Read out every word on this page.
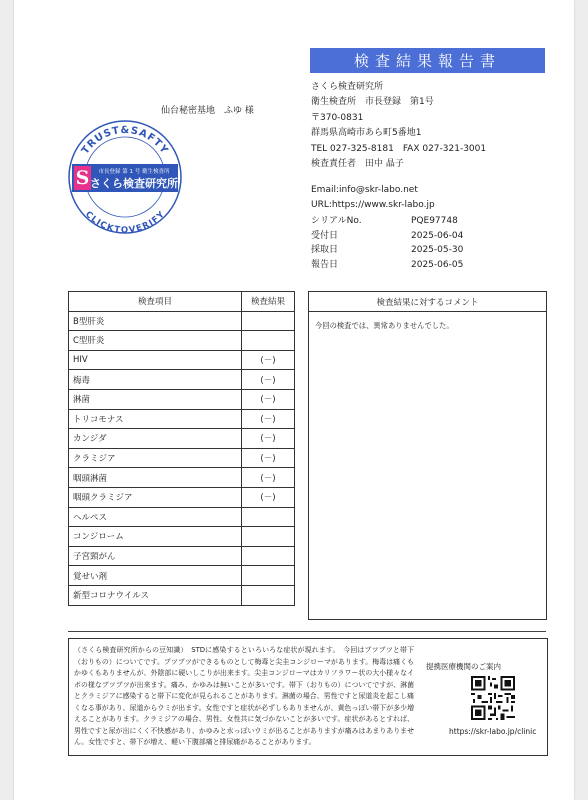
検査結果報告書
さくら検査研究所
衛生検査所　市長登録　第1号
〒370-0831
群馬県高崎市あら町5番地1
TEL 027-325-8181　FAX 027-321-3001
検査責任者　田中 晶子
仙台秘密基地　ふゆ 様
TRUST&SAFTY
CLICKTOVERIFY
S 市長登録 第 1 号 衛生検査所
さくら検査研究所	Email:info@skr-labo.net
URL:https://www.skr-labo.jp
シリアルNo.	PQE97748
受付日	2025-06-04
採取日	2025-05-30
報告日	2025-06-05
検査項目	検査結果
B型肝炎	
C型肝炎	
HIV	(－)
梅毒	(－)
淋菌	(－)
トリコモナス	(－)
カンジダ	(－)
クラミジア	(－)
咽頭淋菌	(－)
咽頭クラミジア	(－)
ヘルペス	
コンジローム	
子宮頸がん	
覚せい剤	
新型コロナウイルス	
検査結果に対するコメント
今回の検査では、異常ありませんでした。
（さくら検査研究所からの豆知識）　STDに感染するといろいろな症状が現れます。　今回はブツブツと帯下（おりもの）についてです。ブツブツができるものとして梅毒と尖圭コンジローマがあります。梅毒は痛くもかゆくもありませんが、外陰部に硬いしこりが出来ます。尖圭コンジローマはカリフラワー状の大小様々なイボの様なブツブツが出来ます。痛み、かゆみは無いことが多いです。帯下（おりもの）についてですが、淋菌とクラミジアに感染すると帯下に変化が見られることがあります。淋菌の場合、男性ですと尿道炎を起こし痛くなる事があり、尿道からウミが出ます。女性ですと症状が必ずしもありませんが、黄色っぽい帯下が多少増えることがあります。クラミジアの場合、男性、女性共に気づかないことが多いです。症状があるとすれば、男性ですと尿が出にくく不快感があり、かゆみと水っぽいウミが出ることがありますが痛みはあまりありません。女性ですと、帯下が増え、軽い下腹部痛と排尿痛があることがあります。
提携医療機関のご案内
https://skr-labo.jp/clinic
